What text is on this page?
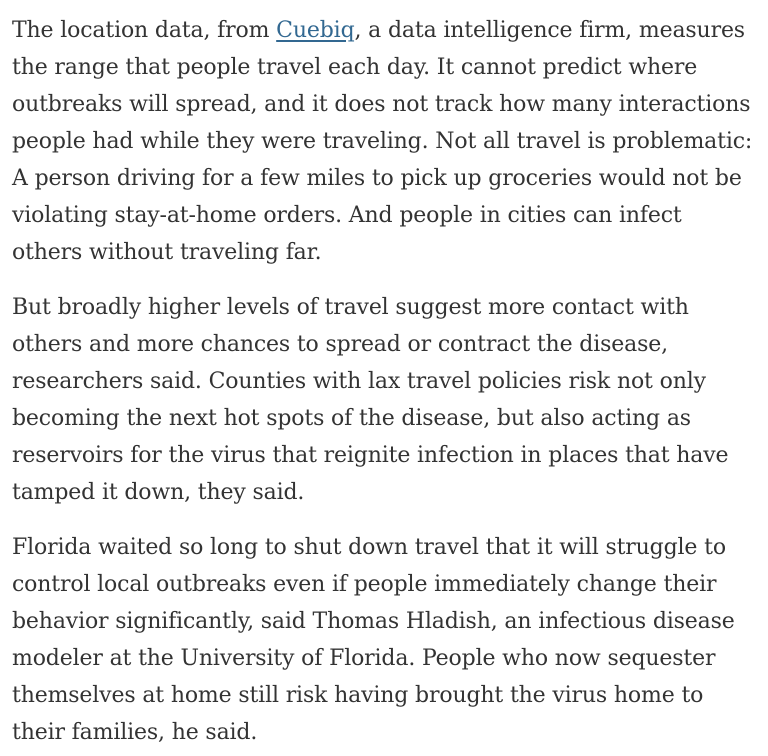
The location data, from Cuebiq, a data intelligence firm, measures the range that people travel each day. It cannot predict where outbreaks will spread, and it does not track how many interactions people had while they were traveling. Not all travel is problematic: A person driving for a few miles to pick up groceries would not be violating stay-at-home orders. And people in cities can infect others without traveling far.

But broadly higher levels of travel suggest more contact with others and more chances to spread or contract the disease, researchers said. Counties with lax travel policies risk not only becoming the next hot spots of the disease, but also acting as reservoirs for the virus that reignite infection in places that have tamped it down, they said.

Florida waited so long to shut down travel that it will struggle to control local outbreaks even if people immediately change their behavior significantly, said Thomas Hladish, an infectious disease modeler at the University of Florida. People who now sequester themselves at home still risk having brought the virus home to their families, he said.
